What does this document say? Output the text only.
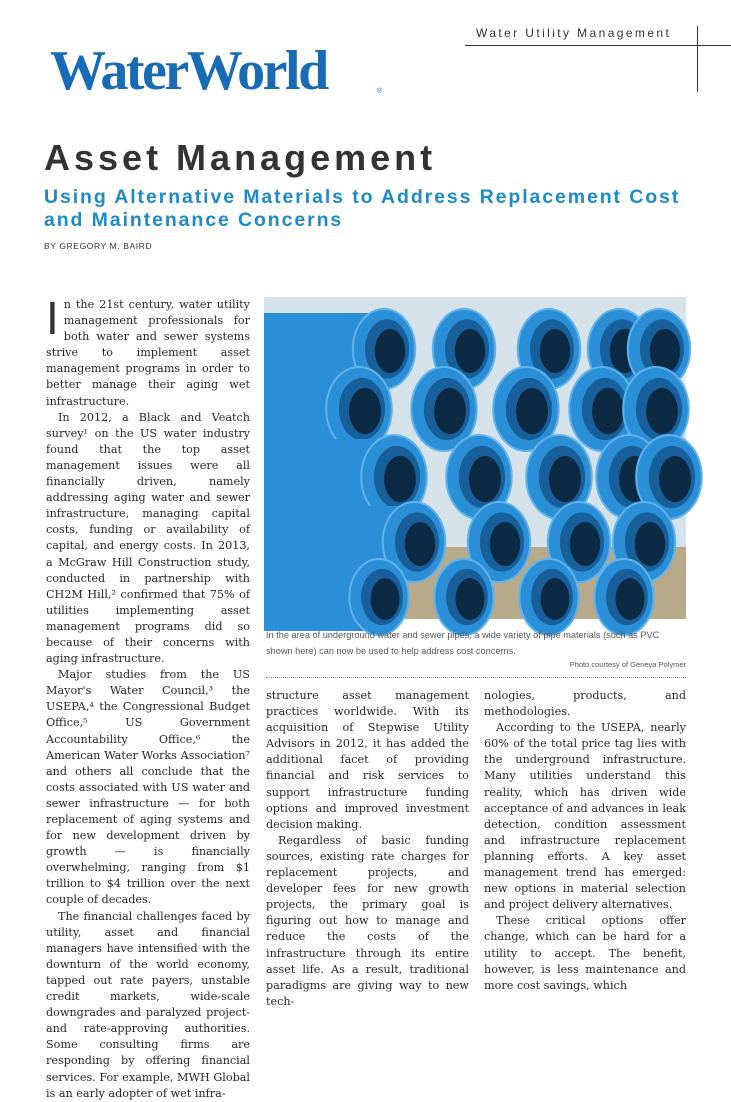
Water Utility Management
WaterWorld	®
Asset Management
Using Alternative Materials to Address Replacement Cost and Maintenance Concerns
BY GREGORY M. BAIRD

In the 21st century, water utility management professionals for both water and sewer systems strive to implement asset management programs in order to better manage their aging wet infrastructure.

In 2012, a Black and Veatch survey¹ on the US water industry found that the top asset management issues were all financially driven, namely addressing aging water and sewer infrastructure, managing capital costs, funding or availability of capital, and energy costs. In 2013, a McGraw Hill Construction study, conducted in partnership with CH2M Hill,² confirmed that 75% of utilities implementing asset management programs did so because of their concerns with aging infrastructure.

Major studies from the US Mayor's Water Council,³ the USEPA,⁴ the Congressional Budget Office,⁵ US Government Accountability Office,⁶ the American Water Works Association⁷ and others all conclude that the costs associated with US water and sewer infrastructure — for both replacement of aging systems and for new development driven by growth — is financially overwhelming, ranging from $1 trillion to $4 trillion over the next couple of decades.

The financial challenges faced by utility, asset and financial managers have intensified with the downturn of the world economy, tapped out rate payers, unstable credit markets, wide-scale downgrades and paralyzed project- and rate-approving authorities. Some consulting firms are responding by offering financial services. For example, MWH Global is an early adopter of wet infra-

In the area of underground water and sewer pipes, a wide variety of pipe materials (such as PVC shown here) can now be used to help address cost concerns.
Photo courtesy of Geneva Polymer

structure asset management practices worldwide. With its acquisition of Stepwise Utility Advisors in 2012, it has added the additional facet of providing financial and risk services to support infrastructure funding options and improved investment decision making.

Regardless of basic funding sources, existing rate charges for replacement projects, and developer fees for new growth projects, the primary goal is figuring out how to manage and reduce the costs of the infrastructure through its entire asset life. As a result, traditional paradigms are giving way to new tech-

nologies, products, and methodologies.

According to the USEPA, nearly 60% of the total price tag lies with the underground infrastructure. Many utilities understand this reality, which has driven wide acceptance of and advances in leak detection, condition assessment and infrastructure replacement planning efforts. A key asset management trend has emerged: new options in material selection and project delivery alternatives.

These critical options offer change, which can be hard for a utility to accept. The benefit, however, is less maintenance and more cost savings, which
